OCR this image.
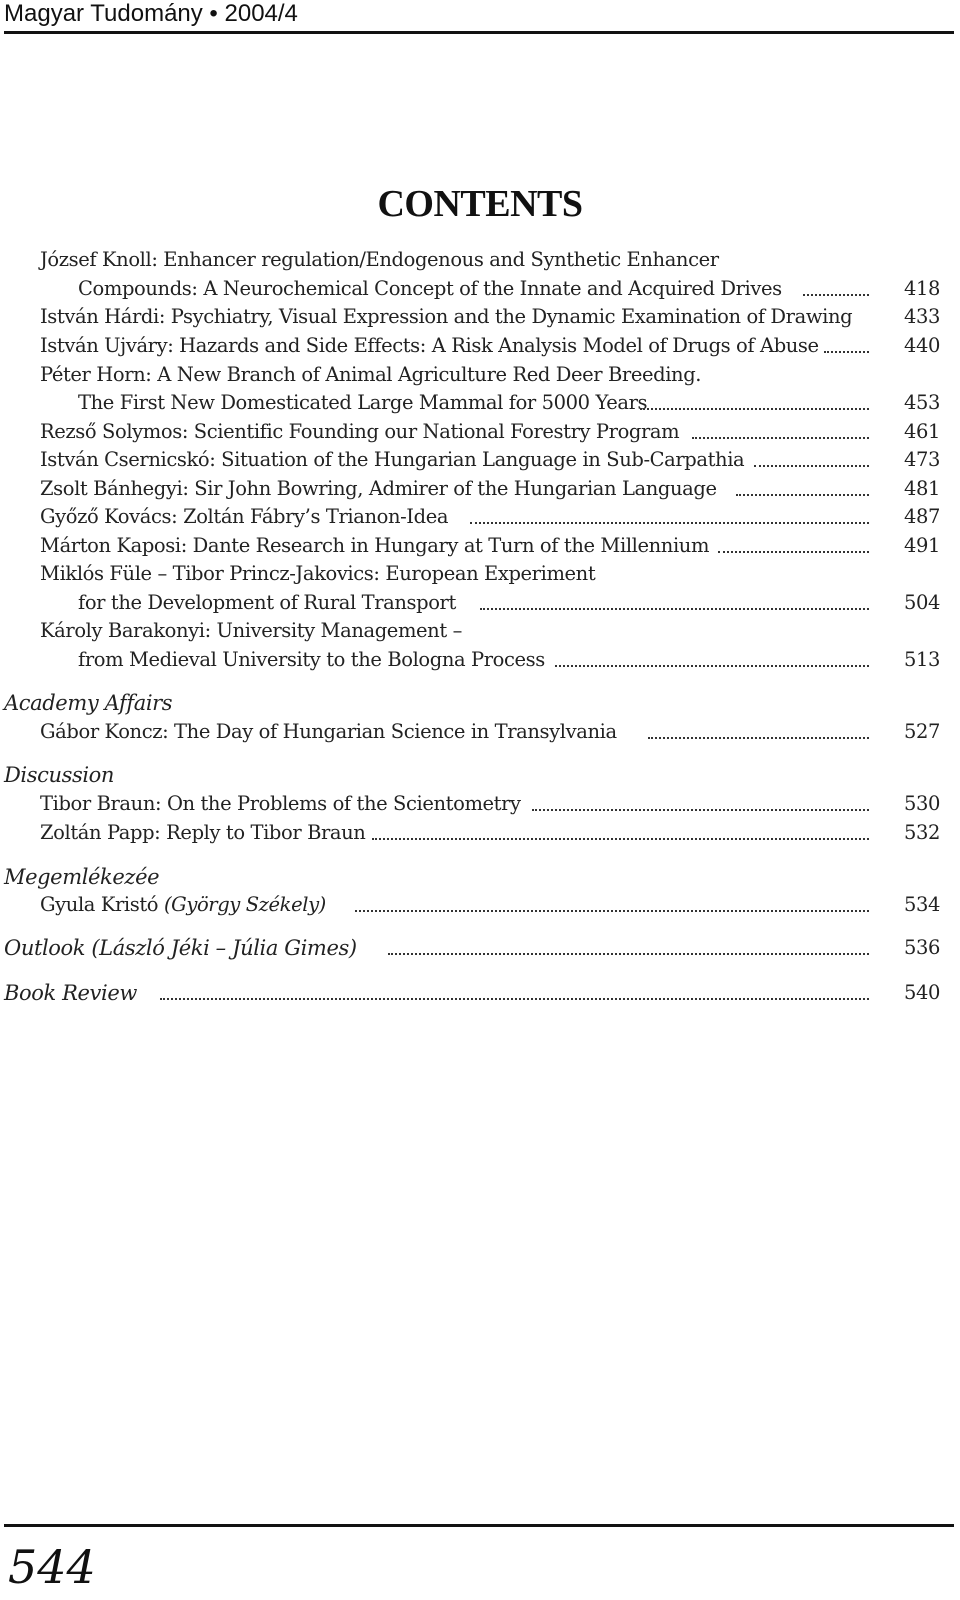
Magyar Tudomány • 2004/4
CONTENTS
József Knoll: Enhancer regulation/Endogenous and Synthetic Enhancer
Compounds: A Neurochemical Concept of the Innate and Acquired Drives	418
István Hárdi: Psychiatry, Visual Expression and the Dynamic Examination of Drawing	433
István Ujváry: Hazards and Side Effects: A Risk Analysis Model of Drugs of Abuse	440
Péter Horn: A New Branch of Animal Agriculture Red Deer Breeding.
The First New Domesticated Large Mammal for 5000 Years	453
Rezső Solymos: Scientific Founding our National Forestry Program	461
István Csernicskó: Situation of the Hungarian Language in Sub-Carpathia	473
Zsolt Bánhegyi: Sir John Bowring, Admirer of the Hungarian Language	481
Győző Kovács: Zoltán Fábry’s Trianon-Idea	487
Márton Kaposi: Dante Research in Hungary at Turn of the Millennium	491
Miklós Füle – Tibor Princz-Jakovics: European Experiment
for the Development of Rural Transport	504
Károly Barakonyi: University Management –
from Medieval University to the Bologna Process	513
Academy Affairs
Gábor Koncz: The Day of Hungarian Science in Transylvania	527
Discussion
Tibor Braun: On the Problems of the Scientometry	530
Zoltán Papp: Reply to Tibor Braun	532
Megemlékezée
Gyula Kristó (György Székely)	534
Outlook (László Jéki – Júlia Gimes)	536
Book Review	540
544
